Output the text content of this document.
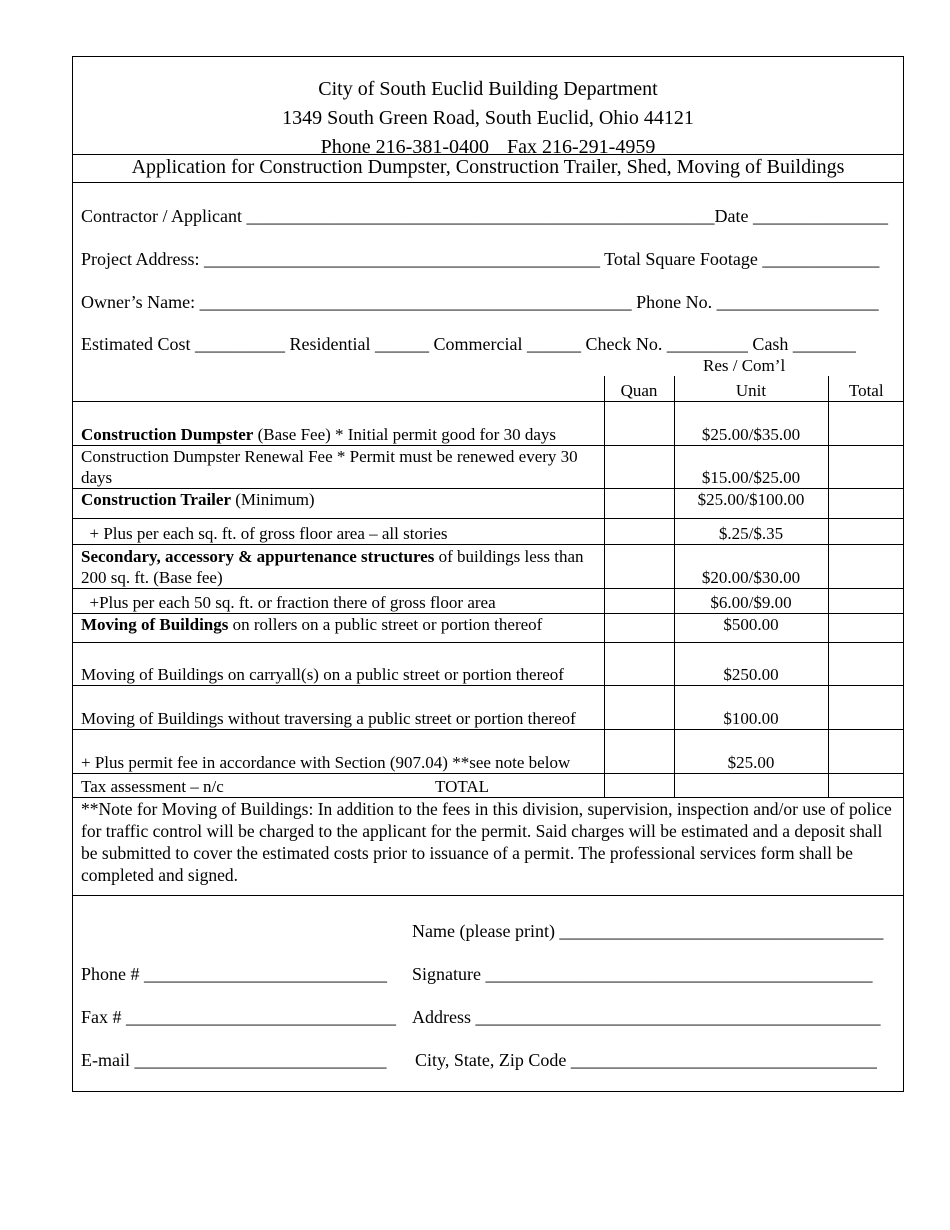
City of South Euclid Building Department
1349 South Green Road, South Euclid, Ohio 44121
Phone 216-381-0400 Fax 216-291-4959
Application for Construction Dumpster, Construction Trailer, Shed, Moving of Buildings
Contractor / Applicant ____________________________________________________Date _______________
Project Address: ____________________________________________ Total Square Footage _____________
Owner’s Name: ________________________________________________ Phone No. __________________
Estimated Cost __________ Residential ______ Commercial ______ Check No. _________ Cash _______
Res / Com’l
	Quan	Unit	Total
Construction Dumpster (Base Fee) * Initial permit good for 30 days		$25.00/$35.00	
Construction Dumpster Renewal Fee * Permit must be renewed every 30 days		$15.00/$25.00	
Construction Trailer (Minimum)		$25.00/$100.00	
+ Plus per each sq. ft. of gross floor area – all stories		$.25/$.35	
Secondary, accessory & appurtenance structures of buildings less than 200 sq. ft. (Base fee)		$20.00/$30.00	
+Plus per each 50 sq. ft. or fraction there of gross floor area		$6.00/$9.00	
Moving of Buildings on rollers on a public street or portion thereof		$500.00	
Moving of Buildings on carryall(s) on a public street or portion thereof		$250.00	
Moving of Buildings without traversing a public street or portion thereof		$100.00	
+ Plus permit fee in accordance with Section (907.04) **see note below		$25.00	
Tax assessment – n/c TOTAL			

**Note for Moving of Buildings: In addition to the fees in this division, supervision, inspection and/or use of police for traffic control will be charged to the applicant for the permit. Said charges will be estimated and a deposit shall be submitted to cover the estimated costs prior to issuance of a permit. The professional services form shall be completed and signed.
Name (please print) ____________________________________
Phone # ___________________________ Signature ___________________________________________
Fax # ______________________________ Address _____________________________________________
E-mail ____________________________ City, State, Zip Code __________________________________
